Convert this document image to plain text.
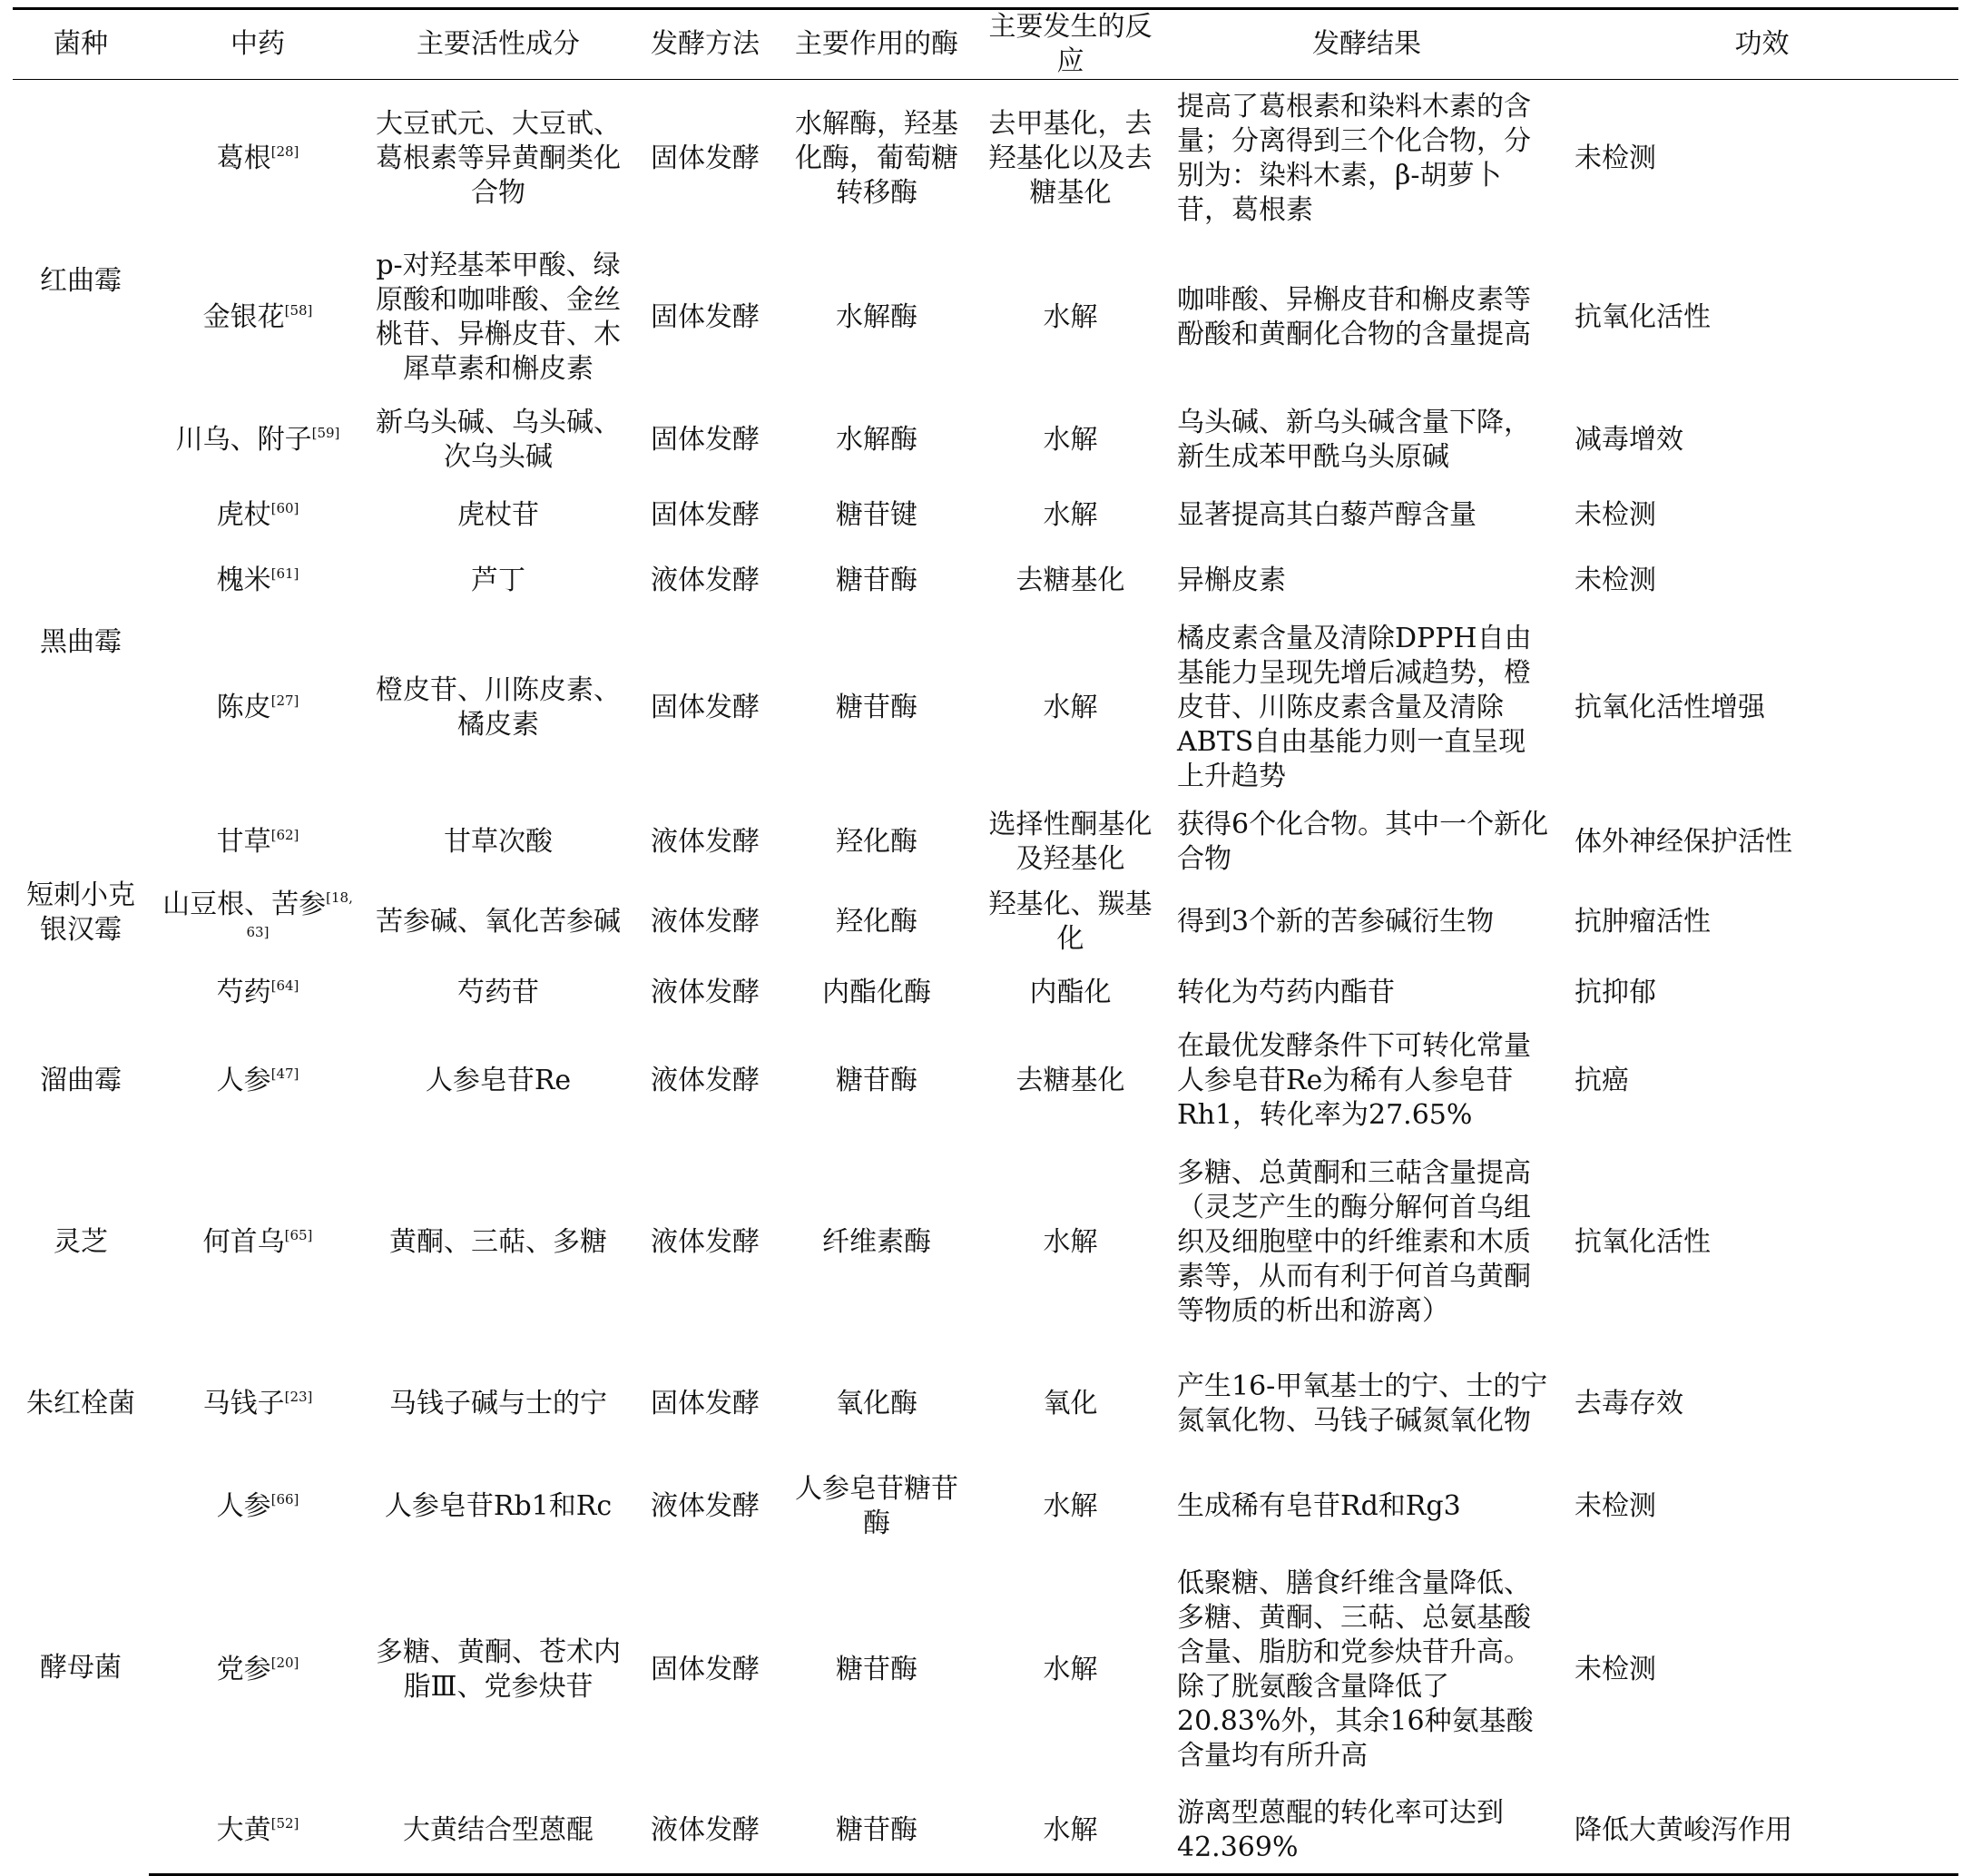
菌种	中药	主要活性成分	发酵方法	主要作用的酶	主要发生的反应	发酵结果	功效
红曲霉	葛根[28]	大豆甙元、大豆甙、葛根素等异黄酮类化合物	固体发酵	水解酶，羟基化酶，葡萄糖转移酶	去甲基化，去羟基化以及去糖基化	提高了葛根素和染料木素的含量；分离得到三个化合物，分别为：染料木素，β-胡萝卜苷，葛根素	未检测
	金银花[58]	p-对羟基苯甲酸、绿原酸和咖啡酸、金丝桃苷、异槲皮苷、木犀草素和槲皮素	固体发酵	水解酶	水解	咖啡酸、异槲皮苷和槲皮素等酚酸和黄酮化合物的含量提高	抗氧化活性
	川乌、附子[59]	新乌头碱、乌头碱、次乌头碱	固体发酵	水解酶	水解	乌头碱、新乌头碱含量下降，新生成苯甲酰乌头原碱	减毒增效
黑曲霉	虎杖[60]	虎杖苷	固体发酵	糖苷键	水解	显著提高其白藜芦醇含量	未检测
	槐米[61]	芦丁	液体发酵	糖苷酶	去糖基化	异槲皮素	未检测
	陈皮[27]	橙皮苷、川陈皮素、橘皮素	固体发酵	糖苷酶	水解	橘皮素含量及清除DPPH自由基能力呈现先增后减趋势，橙皮苷、川陈皮素含量及清除ABTS自由基能力则一直呈现上升趋势	抗氧化活性增强
短刺小克银汉霉	甘草[62]	甘草次酸	液体发酵	羟化酶	选择性酮基化及羟基化	获得6个化合物。其中一个新化合物	体外神经保护活性
	山豆根、苦参[18, 63]	苦参碱、氧化苦参碱	液体发酵	羟化酶	羟基化、羰基化	得到3个新的苦参碱衍生物	抗肿瘤活性
	芍药[64]	芍药苷	液体发酵	内酯化酶	内酯化	转化为芍药内酯苷	抗抑郁
溜曲霉	人参[47]	人参皂苷Re	液体发酵	糖苷酶	去糖基化	在最优发酵条件下可转化常量人参皂苷Re为稀有人参皂苷Rh1，转化率为27.65%	抗癌
灵芝	何首乌[65]	黄酮、三萜、多糖	液体发酵	纤维素酶	水解	多糖、总黄酮和三萜含量提高（灵芝产生的酶分解何首乌组织及细胞壁中的纤维素和木质素等，从而有利于何首乌黄酮等物质的析出和游离）	抗氧化活性
朱红栓菌	马钱子[23]	马钱子碱与士的宁	固体发酵	氧化酶	氧化	产生16-甲氧基士的宁、士的宁氮氧化物、马钱子碱氮氧化物	去毒存效
酵母菌	人参[66]	人参皂苷Rb1和Rc	液体发酵	人参皂苷糖苷酶	水解	生成稀有皂苷Rd和Rg3	未检测
	党参[20]	多糖、黄酮、苍术内脂Ⅲ、党参炔苷	固体发酵	糖苷酶	水解	低聚糖、膳食纤维含量降低、多糖、黄酮、三萜、总氨基酸含量、脂肪和党参炔苷升高。除了胱氨酸含量降低了20.83%外，其余16种氨基酸含量均有所升高	未检测
	大黄[52]	大黄结合型蒽醌	液体发酵	糖苷酶	水解	游离型蒽醌的转化率可达到42.369%	降低大黄峻泻作用
